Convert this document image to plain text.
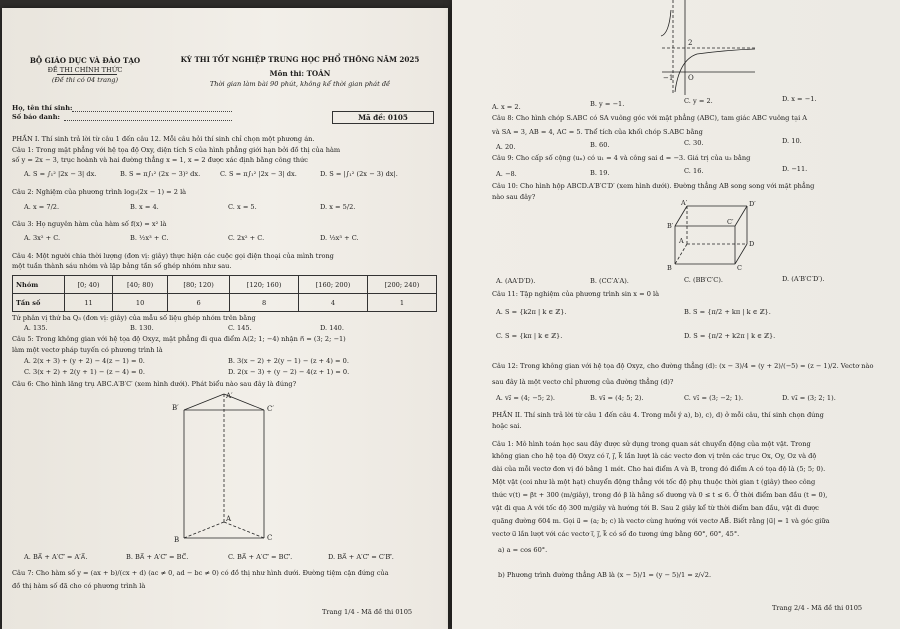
BỘ GIÁO DỤC VÀ ĐÀO TẠO
ĐỀ THI CHÍNH THỨC
(Đề thi có 04 trang)
KỲ THI TỐT NGHIỆP TRUNG HỌC PHỔ THÔNG NĂM 2025
Môn thi: TOÁN
Thời gian làm bài 90 phút, không kể thời gian phát đề
Họ, tên thí sinh:
Số báo danh:	Mã đề: 0105
PHẦN I. Thí sinh trả lời từ câu 1 đến câu 12. Mỗi câu hỏi thí sinh chỉ chọn một phương án.
Câu 1: Trong mặt phẳng với hệ tọa độ Oxy, diện tích S của hình phẳng giới hạn bởi đồ thị của hàm
số y = 2x − 3, trục hoành và hai đường thẳng x = 1, x = 2 được xác định bằng công thức
A. S = ∫₁² |2x − 3| dx.	B. S = π∫₁² (2x − 3)² dx.	C. S = π∫₁² |2x − 3| dx.	D. S = |∫₁² (2x − 3) dx|.
Câu 2: Nghiệm của phương trình log₃(2x − 1) = 2 là
A. x = 7/2.	B. x = 4.	C. x = 5.	D. x = 5/2.
Câu 3: Họ nguyên hàm của hàm số f(x) = x² là
A. 3x² + C.	B. ½x³ + C.	C. 2x² + C.	D. ⅓x³ + C.
Câu 4: Một người chia thời lượng (đơn vị: giây) thực hiện các cuộc gọi điện thoại của mình trong
một tuần thành sáu nhóm và lập bảng tần số ghép nhóm như sau.
Nhóm	[0; 40)	[40; 80)	[80; 120)	[120; 160)	[160; 200)	[200; 240)
Tần số	11	10	6	8	4	1
Tứ phân vị thứ ba Q₃ (đơn vị: giây) của mẫu số liệu ghép nhóm trên bằng
A. 135.	B. 130.	C. 145.	D. 140.
Câu 5: Trong không gian với hệ tọa độ Oxyz, mặt phẳng đi qua điểm A(2; 1; −4) nhận n⃗ = (3; 2; −1)
làm một vectơ pháp tuyến có phương trình là
A. 2(x + 3) + (y + 2) − 4(z − 1) = 0.	B. 3(x − 2) + 2(y − 1) − (z + 4) = 0.
C. 3(x + 2) + 2(y + 1) − (z − 4) = 0.	D. 2(x − 3) + (y − 2) − 4(z + 1) = 0.
Câu 6: Cho hình lăng trụ ABC.A′B′C′ (xem hình dưới). Phát biểu nào sau đây là đúng?
A′
B′	C′
A
B	C
A. BA⃗ + A′C′⃗ = A′A⃗.	B. BA⃗ + A′C′⃗ = BC⃗.	C. BA⃗ + A′C′⃗ = BC′⃗.	D. BA⃗ + A′C′⃗ = C′B′⃗.
Câu 7: Cho hàm số y = (ax + b)/(cx + d) (ac ≠ 0, ad − bc ≠ 0) có đồ thị như hình dưới. Đường tiệm cận đứng của
đồ thị hàm số đã cho có phương trình là
Trang 1/4 - Mã đề thi 0105
2
−1 O
A. x = 2.	B. y = −1.	C. y = 2.	D. x = −1.
Câu 8: Cho hình chóp S.ABC có SA vuông góc với mặt phẳng (ABC), tam giác ABC vuông tại A
và SA = 3, AB = 4, AC = 5. Thể tích của khối chóp S.ABC bằng
A. 20.	B. 60.	C. 30.	D. 10.
Câu 9: Cho cấp số cộng (uₙ) có u₁ = 4 và công sai d = −3. Giá trị của u₃ bằng
A. −8.	B. 19.	C. 16.	D. −11.
Câu 10: Cho hình hộp ABCD.A′B′C′D′ (xem hình dưới). Đường thẳng AB song song với mặt phẳng
nào sau đây?
A′	D′
B′	C′
A	D
B	C
A. (AA′D′D).	B. (CC′A′A).	C. (BB′C′C).	D. (A′B′C′D′).
Câu 11: Tập nghiệm của phương trình sin x = 0 là
A. S = {k2π | k ∈ ℤ}.	B. S = {π/2 + kπ | k ∈ ℤ}.
C. S = {kπ | k ∈ ℤ}.	D. S = {π/2 + k2π | k ∈ ℤ}.
Câu 12: Trong không gian với hệ tọa độ Oxyz, cho đường thẳng (d): (x − 3)/4 = (y + 2)/(−5) = (z − 1)/2. Vectơ nào
sau đây là một vectơ chỉ phương của đường thẳng (d)?
A. v₂⃗ = (4; −5; 2).	B. v₃⃗ = (4; 5; 2).	C. v₁⃗ = (3; −2; 1).	D. v₄⃗ = (3; 2; 1).
PHẦN II. Thí sinh trả lời từ câu 1 đến câu 4. Trong mỗi ý a), b), c), d) ở mỗi câu, thí sinh chọn đúng
hoặc sai.
Câu 1: Mô hình toán học sau đây được sử dụng trong quan sát chuyển động của một vật. Trong
không gian cho hệ tọa độ Oxyz có i⃗, j⃗, k⃗ lần lượt là các vectơ đơn vị trên các trục Ox, Oy, Oz và độ
dài của mỗi vectơ đơn vị đó bằng 1 mét. Cho hai điểm A và B, trong đó điểm A có tọa độ là (5; 5; 0).
Một vật (coi như là một hạt) chuyển động thẳng với tốc độ phụ thuộc thời gian t (giây) theo công
thức v(t) = βt + 300 (m/giây), trong đó β là hằng số dương và 0 ≤ t ≤ 6. Ở thời điểm ban đầu (t = 0),
vật đi qua A với tốc độ 300 m/giây và hướng tới B. Sau 2 giây kể từ thời điểm ban đầu, vật đi được
quãng đường 604 m. Gọi u⃗ = (a; b; c) là vectơ cùng hướng với vectơ AB⃗. Biết rằng |u⃗| = 1 và góc giữa
vectơ u⃗ lần lượt với các vectơ i⃗, j⃗, k⃗ có số đo tương ứng bằng 60°, 60°, 45°.
a) a = cos 60°.
b) Phương trình đường thẳng AB là (x − 5)/1 = (y − 5)/1 = z/√2.
Trang 2/4 - Mã đề thi 0105
